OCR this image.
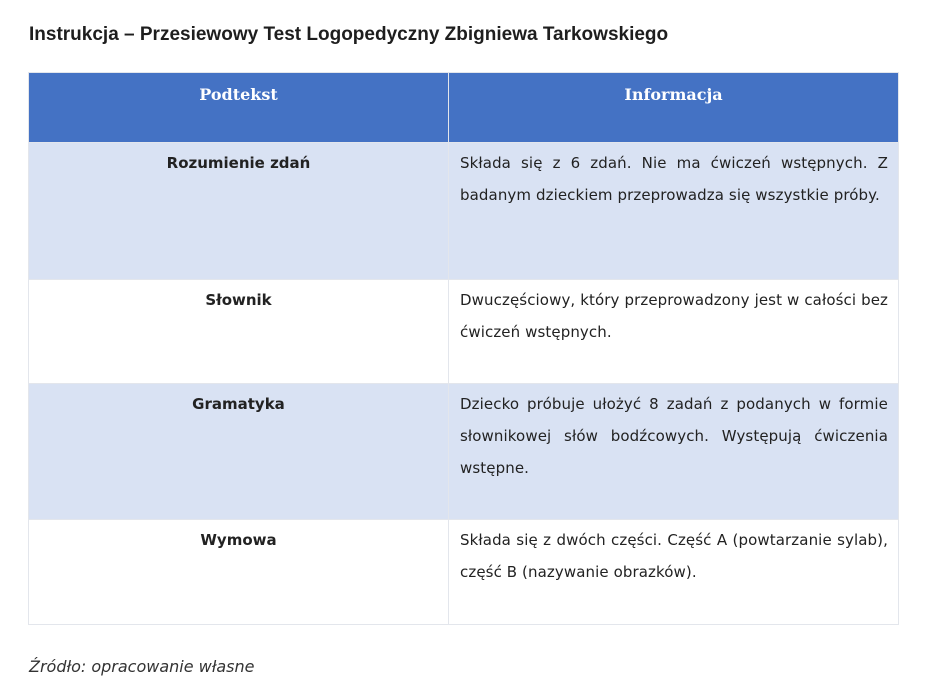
Instrukcja – Przesiewowy Test Logopedyczny Zbigniewa Tarkowskiego
Podtekst	Informacja
Rozumienie zdań	Składa się z 6 zdań. Nie ma ćwiczeń wstępnych. Z badanym dzieckiem przeprowadza się wszystkie próby.
Słownik	Dwuczęściowy, który przeprowadzony jest w całości bez ćwiczeń wstępnych.
Gramatyka	Dziecko próbuje ułożyć 8 zadań z podanych w formie słownikowej słów bodźcowych. Występują ćwiczenia wstępne.
Wymowa	Składa się z dwóch części. Część A (powtarzanie sylab), część B (nazywanie obrazków).

Źródło: opracowanie własne
